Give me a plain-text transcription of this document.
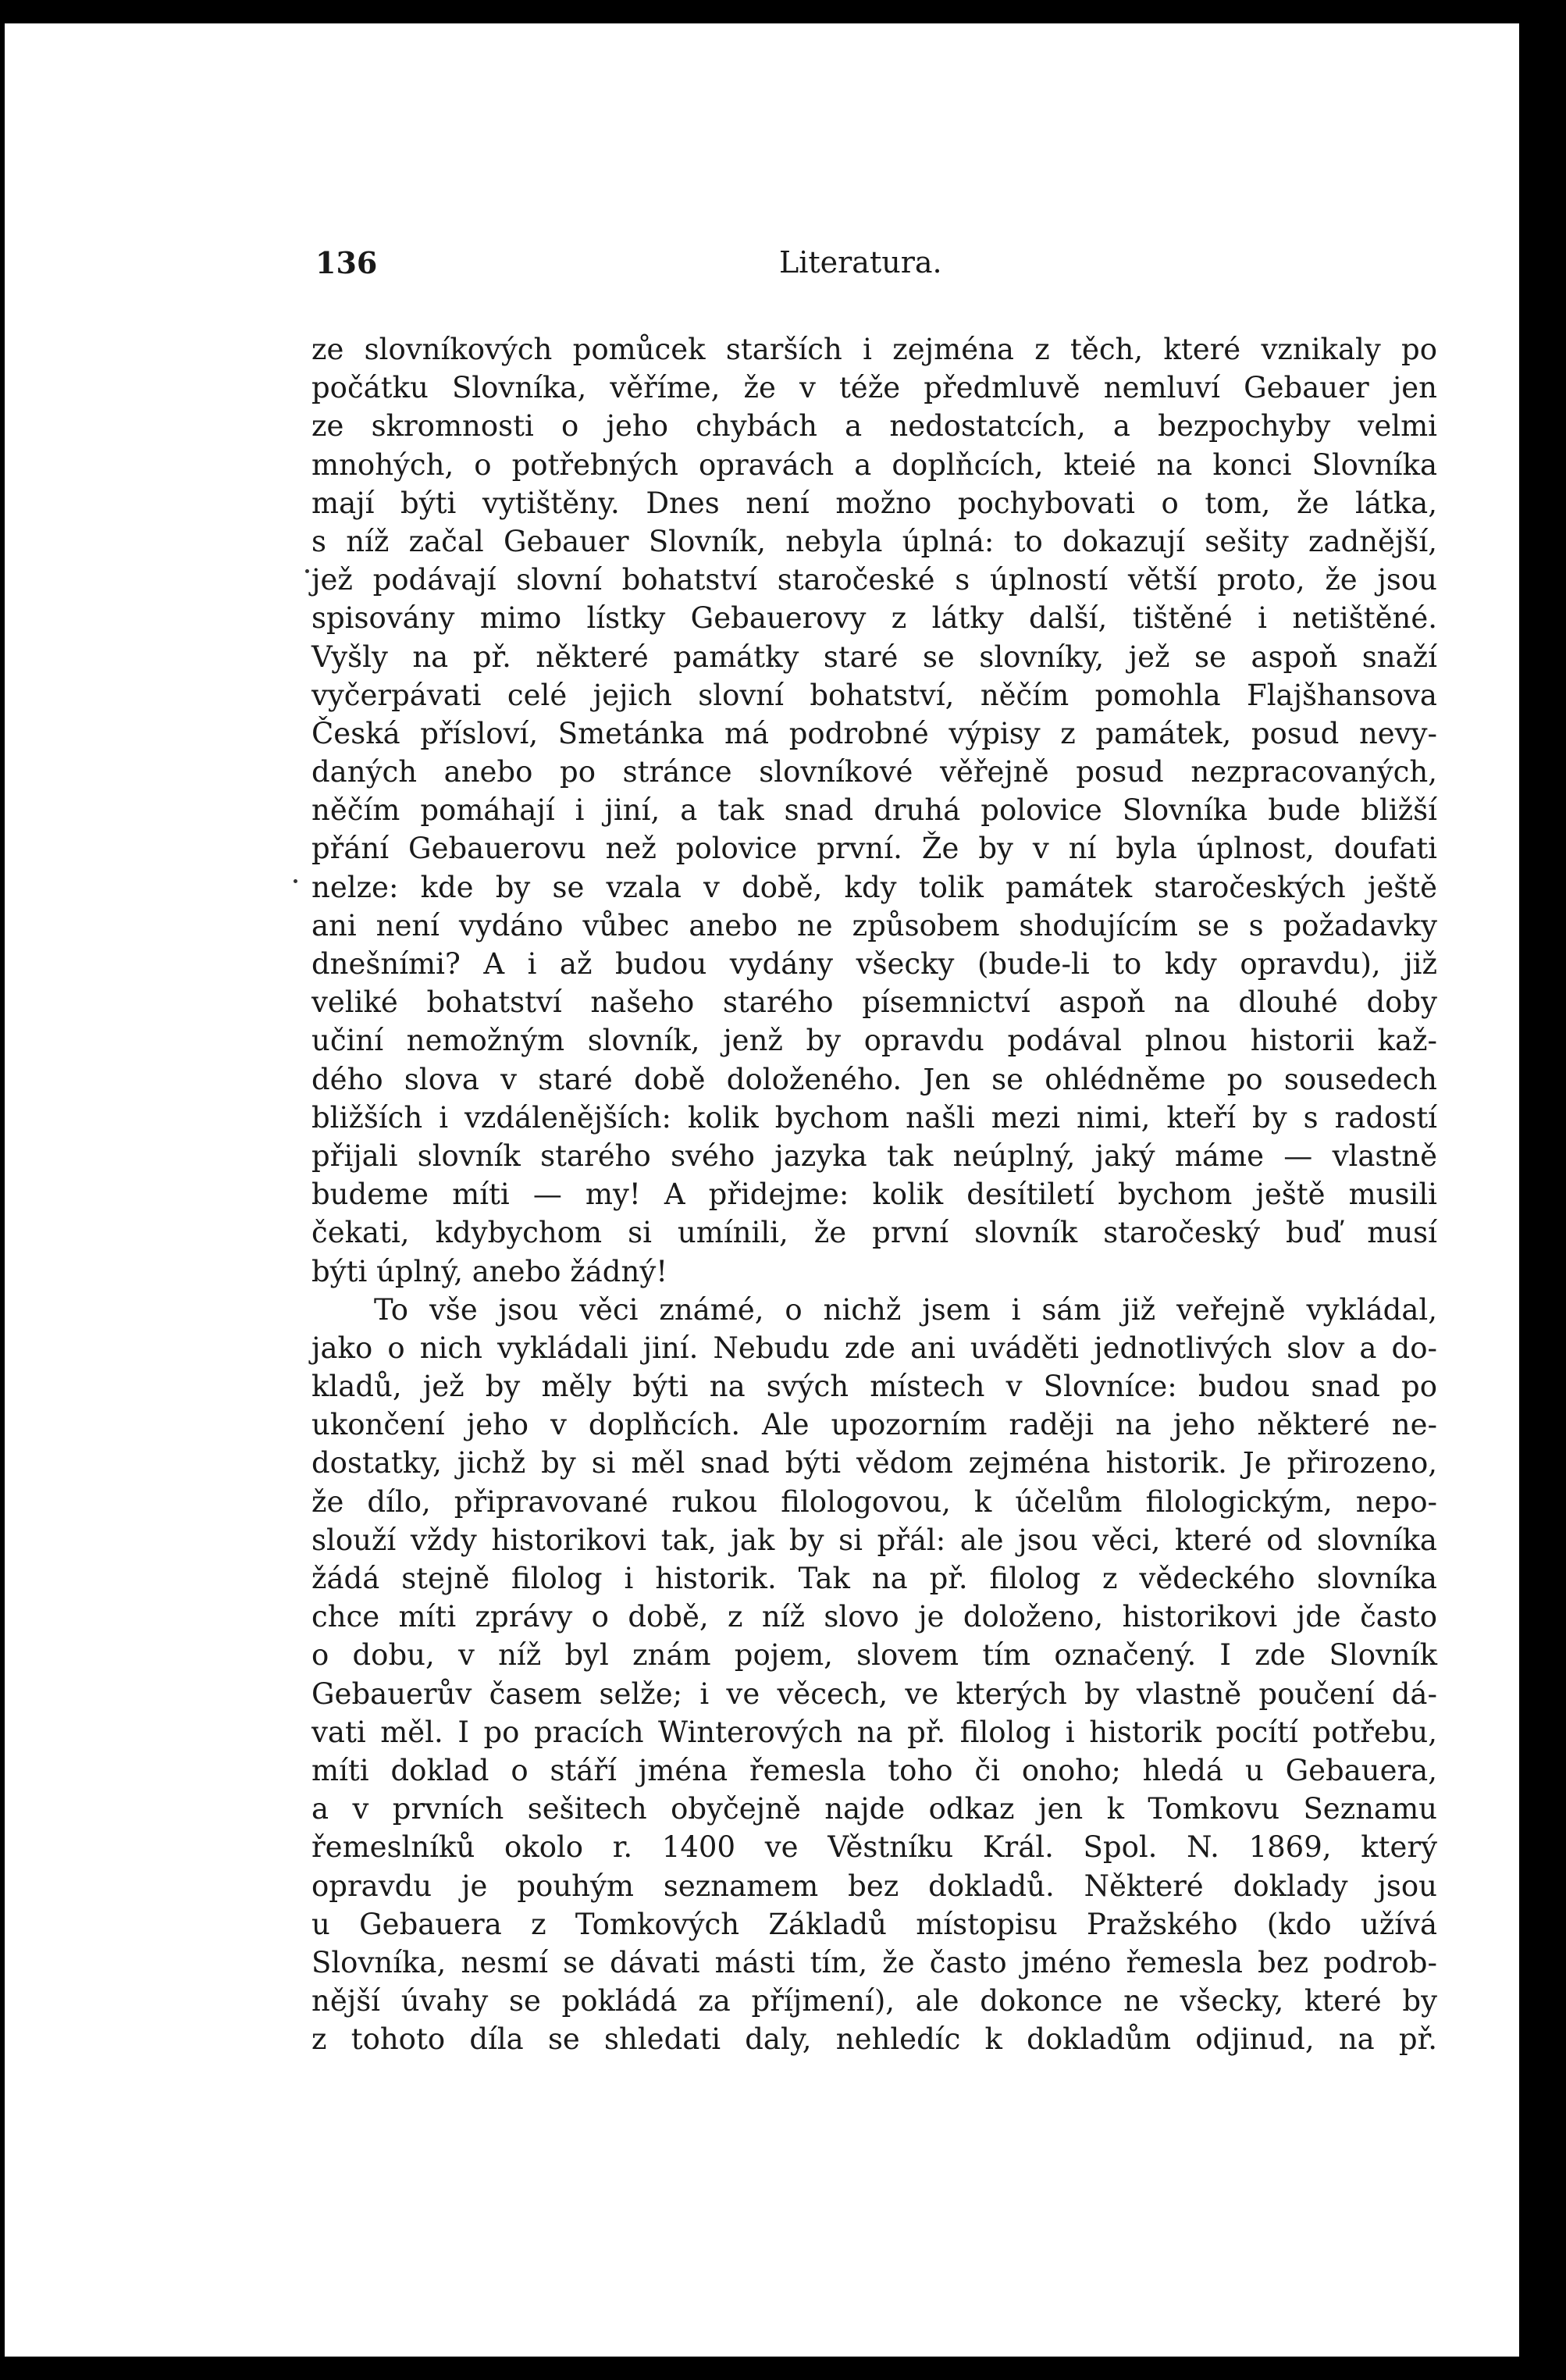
136	Literatura.
ze slovníkových pomůcek starších i zejména z těch, které vznikaly po
počátku Slovníka, věříme, že v téže předmluvě nemluví Gebauer jen
ze skromnosti o jeho chybách a nedostatcích, a bezpochyby velmi
mnohých, o potřebných opravách a doplňcích, kteié na konci Slovníka
mají býti vytištěny. Dnes není možno pochybovati o tom, že látka,
s níž začal Gebauer Slovník, nebyla úplná: to dokazují sešity zadnější,
jež podávají slovní bohatství staročeské s úplností větší proto, že jsou
spisovány mimo lístky Gebauerovy z látky další, tištěné i netištěné.
Vyšly na př. některé památky staré se slovníky, jež se aspoň snaží
vyčerpávati celé jejich slovní bohatství, něčím pomohla Flajšhansova
Česká přísloví, Smetánka má podrobné výpisy z památek, posud nevy-
daných anebo po stránce slovníkové věřejně posud nezpracovaných,
něčím pomáhají i jiní, a tak snad druhá polovice Slovníka bude bližší
přání Gebauerovu než polovice první. Že by v ní byla úplnost, doufati
nelze: kde by se vzala v době, kdy tolik památek staročeských ještě
ani není vydáno vůbec anebo ne způsobem shodujícím se s požadavky
dnešními? A i až budou vydány všecky (bude-li to kdy opravdu), již
veliké bohatství našeho starého písemnictví aspoň na dlouhé doby
učiní nemožným slovník, jenž by opravdu podával plnou historii kaž-
dého slova v staré době doloženého. Jen se ohlédněme po sousedech
bližších i vzdálenějších: kolik bychom našli mezi nimi, kteří by s radostí
přijali slovník starého svého jazyka tak neúplný, jaký máme — vlastně
budeme míti — my! A přidejme: kolik desítiletí bychom ještě musili
čekati, kdybychom si umínili, že první slovník staročeský buď musí
býti úplný, anebo žádný!
To vše jsou věci známé, o nichž jsem i sám již veřejně vykládal,
jako o nich vykládali jiní. Nebudu zde ani uváděti jednotlivých slov a do-
kladů, jež by měly býti na svých místech v Slovníce: budou snad po
ukončení jeho v doplňcích. Ale upozorním raději na jeho některé ne-
dostatky, jichž by si měl snad býti vědom zejména historik. Je přirozeno,
že dílo, připravované rukou filologovou, k účelům filologickým, nepo-
slouží vždy historikovi tak, jak by si přál: ale jsou věci, které od slovníka
žádá stejně filolog i historik. Tak na př. filolog z vědeckého slovníka
chce míti zprávy o době, z níž slovo je doloženo, historikovi jde často
o dobu, v níž byl znám pojem, slovem tím označený. I zde Slovník
Gebauerův časem selže; i ve věcech, ve kterých by vlastně poučení dá-
vati měl. I po pracích Winterových na př. filolog i historik pocítí potřebu,
míti doklad o stáří jména řemesla toho či onoho; hledá u Gebauera,
a v prvních sešitech obyčejně najde odkaz jen k Tomkovu Seznamu
řemeslníků okolo r. 1400 ve Věstníku Král. Spol. N. 1869, který
opravdu je pouhým seznamem bez dokladů. Některé doklady jsou
u Gebauera z Tomkových Základů místopisu Pražského (kdo užívá
Slovníka, nesmí se dávati másti tím, že často jméno řemesla bez podrob-
nější úvahy se pokládá za příjmení), ale dokonce ne všecky, které by
z tohoto díla se shledati daly, nehledíc k dokladům odjinud, na př.
